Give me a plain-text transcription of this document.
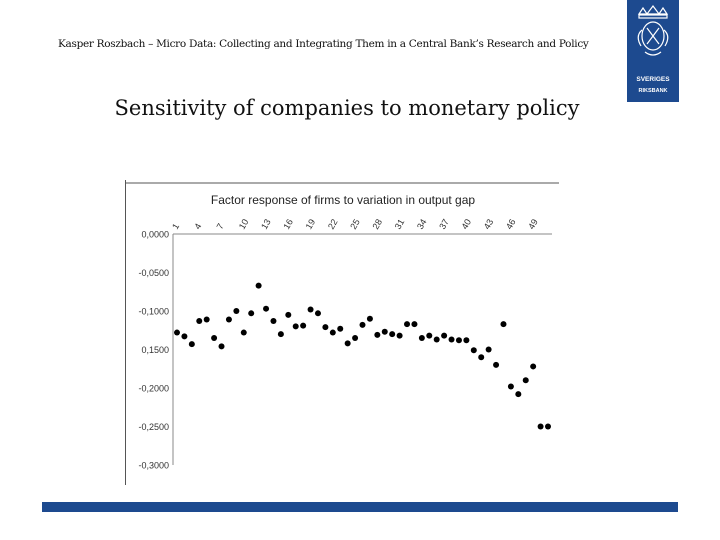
Kasper Roszbach – Micro Data: Collecting and Integrating Them in a Central Bank’s Research and Policy
SVERIGES
RIKSBANK
Sensitivity of companies to monetary policy
Factor response of firms to variation in output gap
0,0000
-0,0500
-0,1000
0,1500
-0,2000
-0,2500
-0,3000
1 4 7 10 13 16 19 22 25 28 31 34 37 40 43 46 49
